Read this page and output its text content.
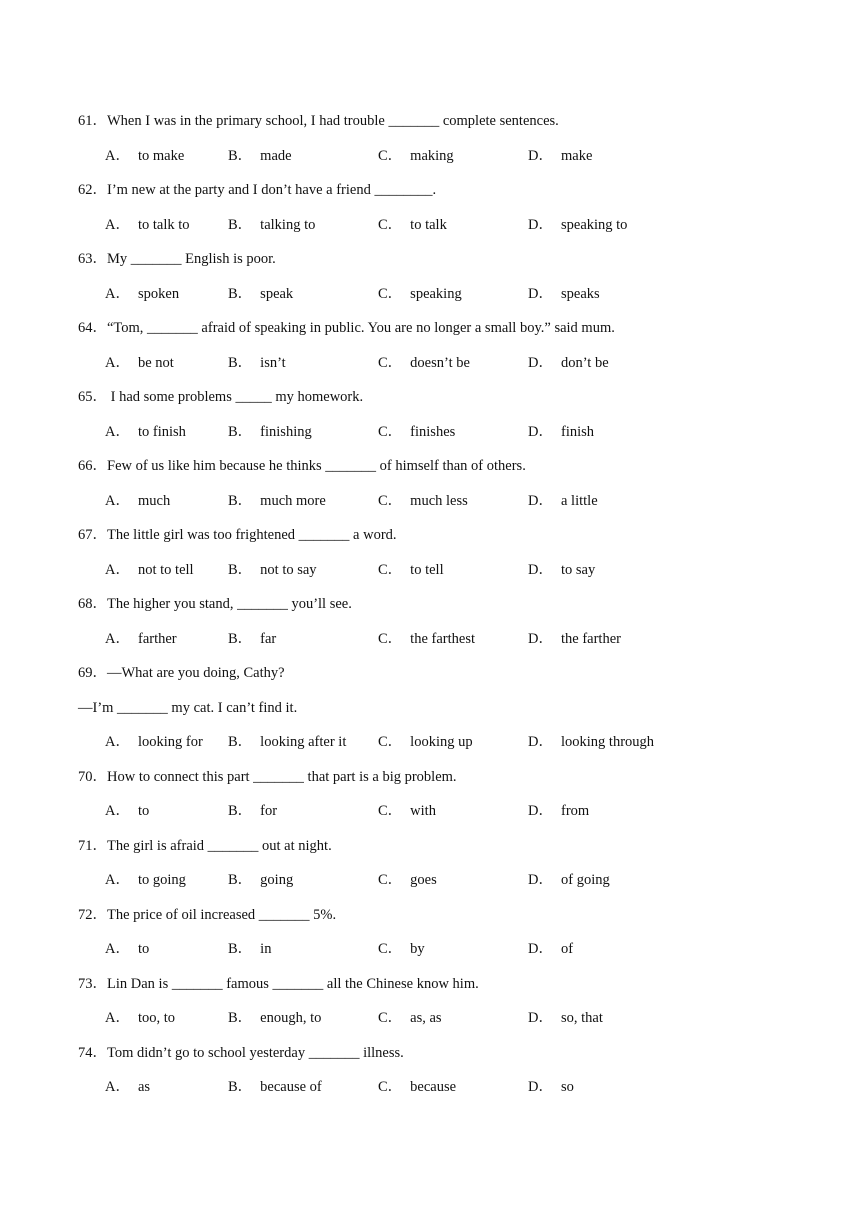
61．When I was in the primary school, I had trouble _______ complete sentences.
A． to make	B． made	C． making	D． make
62．I’m new at the party and I don’t have a friend ________.
A． to talk to	B． talking to	C． to talk	D． speaking to
63．My _______ English is poor.
A． spoken	B． speak	C． speaking	D． speaks
64．“Tom, _______ afraid of speaking in public. You are no longer a small boy.” said mum.
A． be not	B． isn’t	C． doesn’t be	D． don’t be
65． I had some problems _____ my homework.
A． to finish	B． finishing	C． finishes	D． finish
66．Few of us like him because he thinks _______ of himself than of others.
A． much	B． much more	C． much less	D． a little
67．The little girl was too frightened _______ a word.
A． not to tell B． not to say	C． to tell	D． to say
68．The higher you stand, _______ you’ll see.
A． farther	B． far	C． the farthest	D． the farther
69．—What are you doing, Cathy?
—I’m _______ my cat. I can’t find it.
A． looking for B． looking after it C． looking up	D． looking through
70．How to connect this part _______ that part is a big problem.
A． to	B． for	C． with	D． from
71．The girl is afraid _______ out at night.
A． to going	B． going	C． goes	D． of going
72．The price of oil increased _______ 5%.
A． to	B． in	C． by	D． of
73．Lin Dan is _______ famous _______ all the Chinese know him.
A． too, to	B． enough, to	C． as, as	D． so, that
74．Tom didn’t go to school yesterday _______ illness.
A． as	B． because of	C． because	D． so
